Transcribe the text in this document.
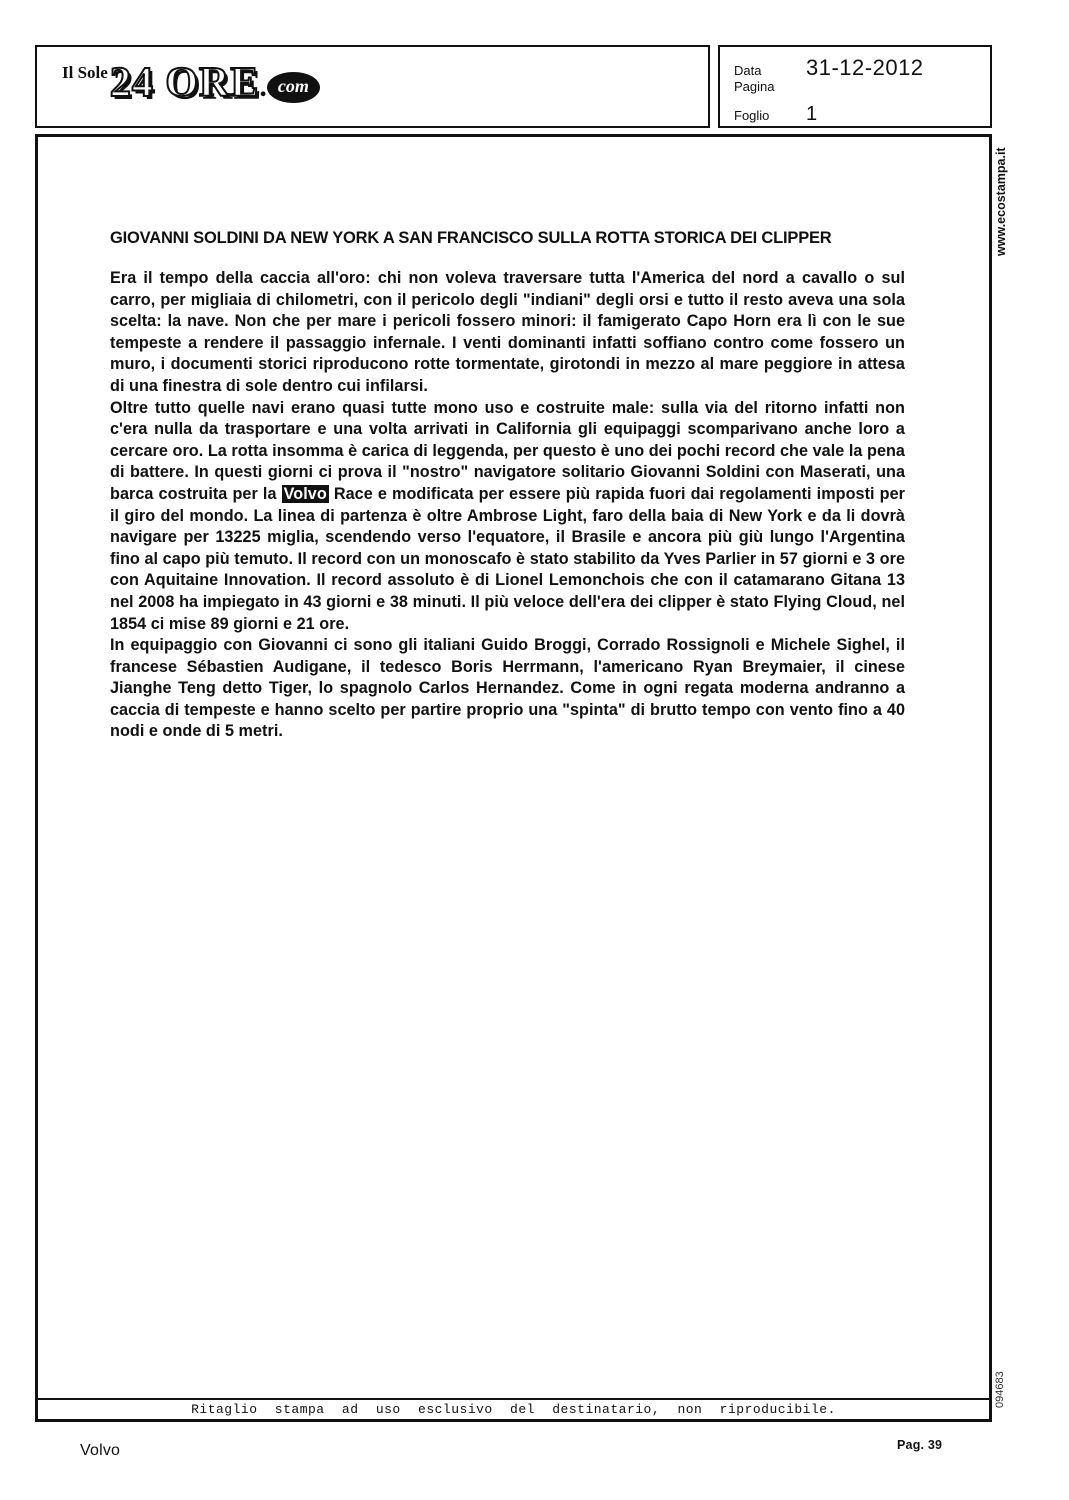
Il Sole24 ORE. com
Data	31-12-2012
Pagina
Foglio	1
GIOVANNI SOLDINI DA NEW YORK A SAN FRANCISCO SULLA ROTTA STORICA DEI CLIPPER

Era il tempo della caccia all'oro: chi non voleva traversare tutta l'America del nord a cavallo o sul carro, per migliaia di chilometri, con il pericolo degli "indiani" degli orsi e tutto il resto aveva una sola scelta: la nave. Non che per mare i pericoli fossero minori: il famigerato Capo Horn era lì con le sue tempeste a rendere il passaggio infernale. I venti dominanti infatti soffiano contro come fossero un muro, i documenti storici riproducono rotte tormentate, girotondi in mezzo al mare peggiore in attesa di una finestra di sole dentro cui infilarsi.

Oltre tutto quelle navi erano quasi tutte mono uso e costruite male: sulla via del ritorno infatti non c'era nulla da trasportare e una volta arrivati in California gli equipaggi scomparivano anche loro a cercare oro. La rotta insomma è carica di leggenda, per questo è uno dei pochi record che vale la pena di battere. In questi giorni ci prova il "nostro" navigatore solitario Giovanni Soldini con Maserati, una barca costruita per la Volvo Race e modificata per essere più rapida fuori dai regolamenti imposti per il giro del mondo. La linea di partenza è oltre Ambrose Light, faro della baia di New York e da li dovrà navigare per 13225 miglia, scendendo verso l'equatore, il Brasile e ancora più giù lungo l'Argentina fino al capo più temuto. Il record con un monoscafo è stato stabilito da Yves Parlier in 57 giorni e 3 ore con Aquitaine Innovation. Il record assoluto è di Lionel Lemonchois che con il catamarano Gitana 13 nel 2008 ha impiegato in 43 giorni e 38 minuti. Il più veloce dell'era dei clipper è stato Flying Cloud, nel 1854 ci mise 89 giorni e 21 ore.

In equipaggio con Giovanni ci sono gli italiani Guido Broggi, Corrado Rossignoli e Michele Sighel, il francese Sébastien Audigane, il tedesco Boris Herrmann, l'americano Ryan Breymaier, il cinese Jianghe Teng detto Tiger, lo spagnolo Carlos Hernandez. Come in ogni regata moderna andranno a caccia di tempeste e hanno scelto per partire proprio una "spinta" di brutto tempo con vento fino a 40 nodi e onde di 5 metri.

Ritaglio stampa ad uso esclusivo del destinatario, non riproducibile.
www.ecostampa.it
094683
Volvo	Pag. 39
